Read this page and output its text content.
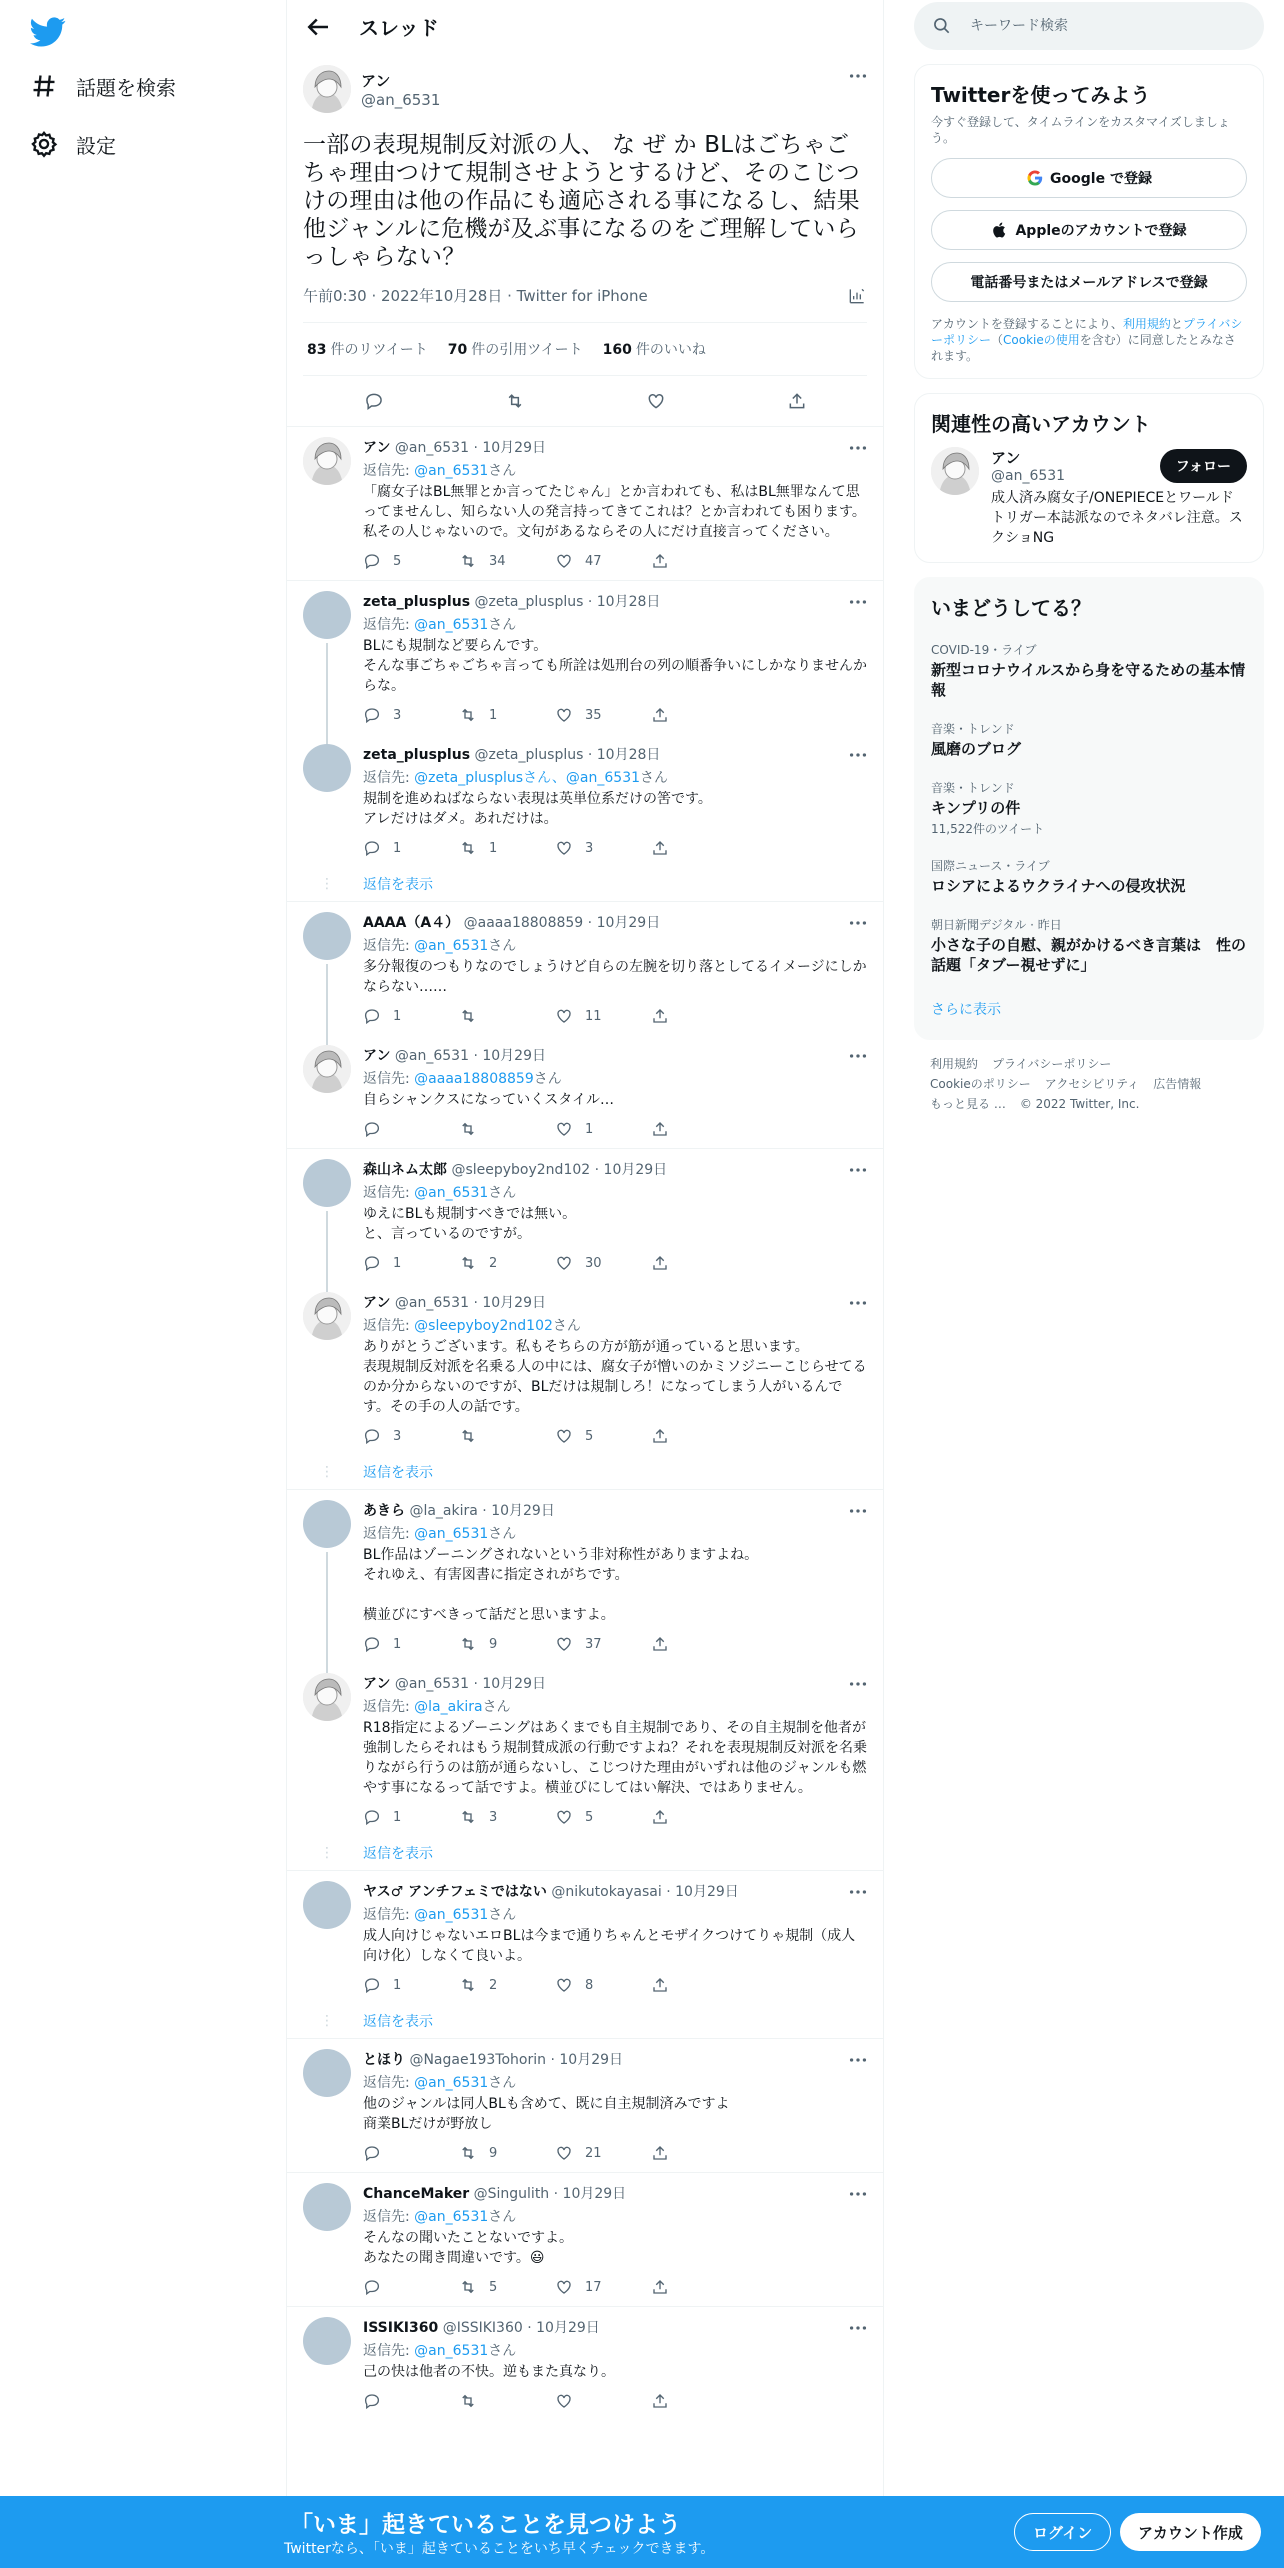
話題を検索
設定
スレッド
アン
@an_6531
一部の表現規制反対派の人、 な ぜ か BLはごちゃごちゃ理由つけて規制させようとするけど、そのこじつけの理由は他の作品にも適応される事になるし、結果他ジャンルに危機が及ぶ事になるのをご理解していらっしゃらない？
午前0:30 · 2022年10月28日 · Twitter for iPhone
83 件のリツイート 70 件の引用ツイート 160 件のいいね
アン @an_6531 · 10月29日
返信先: @an_6531さん
「腐女子はBL無罪とか言ってたじゃん」とか言われても、私はBL無罪なんて思ってませんし、知らない人の発言持ってきてこれは？とか言われても困ります。私その人じゃないので。文句があるならその人にだけ直接言ってください。
5	34	47
zeta_plusplus @zeta_plusplus · 10月28日
返信先: @an_6531さん
BLにも規制など要らんです。
そんな事ごちゃごちゃ言っても所詮は処刑台の列の順番争いにしかなりませんからな。
3	1	35
zeta_plusplus @zeta_plusplus · 10月28日
返信先: @zeta_plusplusさん、@an_6531さん
規制を進めねばならない表現は英単位系だけの筈です。
アレだけはダメ。あれだけは。
1	1	3
⋮	返信を表示
AAAA（A４） @aaaa18808859 · 10月29日
返信先: @an_6531さん
多分報復のつもりなのでしょうけど自らの左腕を切り落としてるイメージにしかならない……
1	11
アン @an_6531 · 10月29日
返信先: @aaaa18808859さん
自らシャンクスになっていくスタイル…
1
森山ネム太郎 @sleepyboy2nd102 · 10月29日
返信先: @an_6531さん
ゆえにBLも規制すべきでは無い。
と、言っているのですが。
1	2	30
アン @an_6531 · 10月29日
返信先: @sleepyboy2nd102さん
ありがとうございます。私もそちらの方が筋が通っていると思います。
表現規制反対派を名乗る人の中には、腐女子が憎いのかミソジニーこじらせてるのか分からないのですが、BLだけは規制しろ！になってしまう人がいるんです。その手の人の話です。
3	5
⋮	返信を表示
あきら @la_akira · 10月29日
返信先: @an_6531さん
BL作品はゾーニングされないという非対称性がありますよね。
それゆえ、有害図書に指定されがちです。

横並びにすべきって話だと思いますよ。
1	9	37
アン @an_6531 · 10月29日
返信先: @la_akiraさん
R18指定によるゾーニングはあくまでも自主規制であり、その自主規制を他者が強制したらそれはもう規制賛成派の行動ですよね？それを表現規制反対派を名乗りながら行うのは筋が通らないし、こじつけた理由がいずれは他のジャンルも燃やす事になるって話ですよ。横並びにしてはい解決、ではありません。
1	3	5
⋮	返信を表示
ヤス♂ アンチフェミではない @nikutokayasai · 10月29日
返信先: @an_6531さん
成人向けじゃないエロBLは今まで通りちゃんとモザイクつけてりゃ規制（成人向け化）しなくて良いよ。
1	2	8
⋮	返信を表示
とほり @Nagae193Tohorin · 10月29日
返信先: @an_6531さん
他のジャンルは同人BLも含めて、既に自主規制済みですよ
商業BLだけが野放し
9	21
ChanceMaker @Singulith · 10月29日
返信先: @an_6531さん
そんなの聞いたことないですよ。
あなたの聞き間違いです。😃
5	17
ISSIKI360 @ISSIKI360 · 10月29日
返信先: @an_6531さん
己の快は他者の不快。逆もまた真なり。
キーワード検索
Twitterを使ってみよう
今すぐ登録して、タイムラインをカスタマイズしましょう。
Google で登録
Appleのアカウントで登録
電話番号またはメールアドレスで登録
アカウントを登録することにより、利用規約とプライバシーポリシー（Cookieの使用を含む）に同意したとみなされます。
関連性の高いアカウント
アン
@an_6531
フォロー
成人済み腐女子/ONEPIECEとワールドトリガー本誌派なのでネタバレ注意。スクショNG
いまどうしてる？
COVID-19・ライブ
新型コロナウイルスから身を守るための基本情報
音楽・トレンド
風磨のブログ
音楽・トレンド
キンプリの件
11,522件のツイート
国際ニュース・ライブ
ロシアによるウクライナへの侵攻状況
朝日新聞デジタル · 昨日
小さな子の自慰、親がかけるべき言葉は　性の話題「タブー視せずに」
さらに表示
利用規約 プライバシーポリシー
Cookieのポリシー アクセシビリティ 広告情報
もっと見る … © 2022 Twitter, Inc.
「いま」起きていることを見つけよう
Twitterなら、「いま」起きていることをいち早くチェックできます。
ログイン	アカウント作成
